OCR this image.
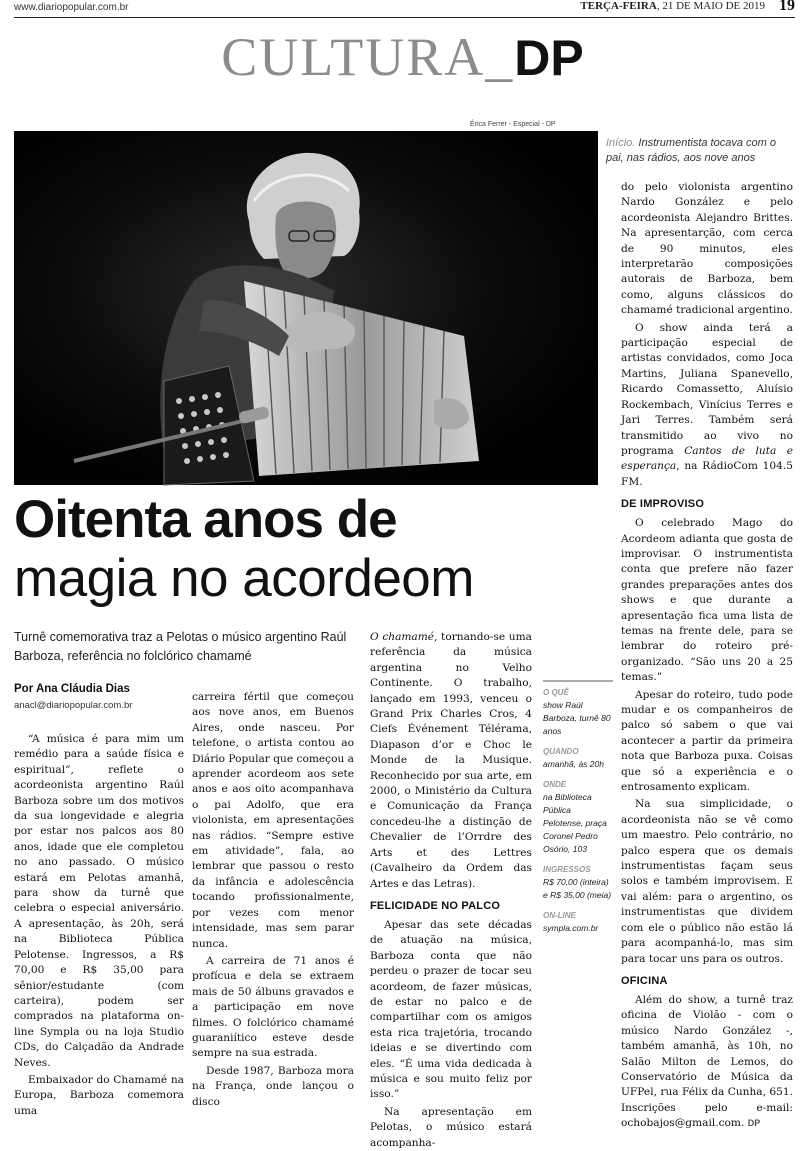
www.diariopopular.com.br	TERÇA-FEIRA, 21 DE MAIO DE 2019 19
CULTURA_DP
Érica Ferrer - Especial - DP
Início. Instrumentista tocava com o pai, nas rádios, aos nove anos
Oitenta anos de
magia no acordeom
Turnê comemorativa traz a Pelotas o músico argentino Raúl Barboza, referência no folclórico chamamé
Por Ana Cláudia Dias
anacl@diariopopular.com.br

“A música é para mim um remédio para a saúde física e espiritual”, reflete o acordeonista argentino Raúl Barboza sobre um dos motivos da sua longevidade e alegria por estar nos palcos aos 80 anos, idade que ele completou no ano passado. O músico estará em Pelotas amanhã, para show da turnê que celebra o especial aniversário. A apresentação, às 20h, será na Biblioteca Pública Pelotense. Ingressos, a R$ 70,00 e R$ 35,00 para sênior/estudante (com carteira), podem ser comprados na plataforma on-line Sympla ou na loja Studio CDs, do Calçadão da Andrade Neves.

Embaixador do Chamamé na Europa, Barboza comemora uma

carreira fértil que começou aos nove anos, em Buenos Aires, onde nasceu. Por telefone, o artista contou ao Diário Popular que começou a aprender acordeom aos sete anos e aos oito acompanhava o pai Adolfo, que era violonista, em apresentações nas rádios. “Sempre estive em atividade”, fala, ao lembrar que passou o resto da infância e adolescência tocando profissionalmente, por vezes com menor intensidade, mas sem parar nunca.

A carreira de 71 anos é profícua e dela se extraem mais de 50 álbuns gravados e a participação em nove filmes. O folclórico chamamé guaraniítico esteve desde sempre na sua estrada.

Desde 1987, Barboza mora na França, onde lançou o disco

O chamamé, tornando-se uma referência da música argentina no Velho Continente. O trabalho, lançado em 1993, venceu o Grand Prix Charles Cros, 4 Ciefs Événement Télérama, Diapason d’or e Choc le Monde de la Musique. Reconhecido por sua arte, em 2000, o Ministério da Cultura e Comunicação da França concedeu-lhe a distinção de Chevalier de l’Orrdre des Arts et des Lettres (Cavalheiro da Ordem das Artes e das Letras).

FELICIDADE NO PALCO

Apesar das sete décadas de atuação na música, Barboza conta que não perdeu o prazer de tocar seu acordeom, de fazer músicas, de estar no palco e de compartilhar com os amigos esta rica trajetória, trocando ideias e se divertindo com eles. “É uma vida dedicada à música e sou muito feliz por isso.”

Na apresentação em Pelotas, o músico estará acompanha-

O QUÊ
show Raúl Barboza, turnê 80 anos
QUANDO
amanhã, às 20h
ONDE
na Biblioteca Pública Pelotense, praça Coronel Pedro Osório, 103
INGRESSOS
R$ 70,00 (inteira) e R$ 35,00 (meia)
ON-LINE
sympla.com.br

do pelo violonista argentino Nardo González e pelo acordeonista Alejandro Brittes. Na apresentarção, com cerca de 90 minutos, eles interpretarão composições autorais de Barboza, bem como, alguns clássicos do chamamé tradicional argentino.

O show ainda terá a participação especial de artistas convidados, como Joca Martins, Juliana Spanevello, Ricardo Comassetto, Aluísio Rockembach, Vinícius Terres e Jari Terres. Também será transmitido ao vivo no programa Cantos de luta e esperança, na RádioCom 104.5 FM.

DE IMPROVISO

O celebrado Mago do Acordeom adianta que gosta de improvisar. O instrumentista conta que prefere não fazer grandes preparações antes dos shows e que durante a apresentação fica uma lista de temas na frente dele, para se lembrar do roteiro pré-organizado. “São uns 20 a 25 temas.”

Apesar do roteiro, tudo pode mudar e os companheiros de palco só sabem o que vai acontecer a partir da primeira nota que Barboza puxa. Coisas que só a experiência e o entrosamento explicam.

Na sua simplicidade, o acordeonista não se vê como um maestro. Pelo contrário, no palco espera que os demais instrumentistas façam seus solos e também improvisem. E vai além: para o argentino, os instrumentistas que dividem com ele o público não estão lá para acompanhá-lo, mas sim para tocar uns para os outros.

OFICINA

Além do show, a turnê traz oficina de Violão - com o músico Nardo González -, também amanhã, às 10h, no Salão Milton de Lemos, do Conservatório de Música da UFPel, rua Félix da Cunha, 651. Inscrições pelo e-mail: ochobajos@gmail.com. DP
